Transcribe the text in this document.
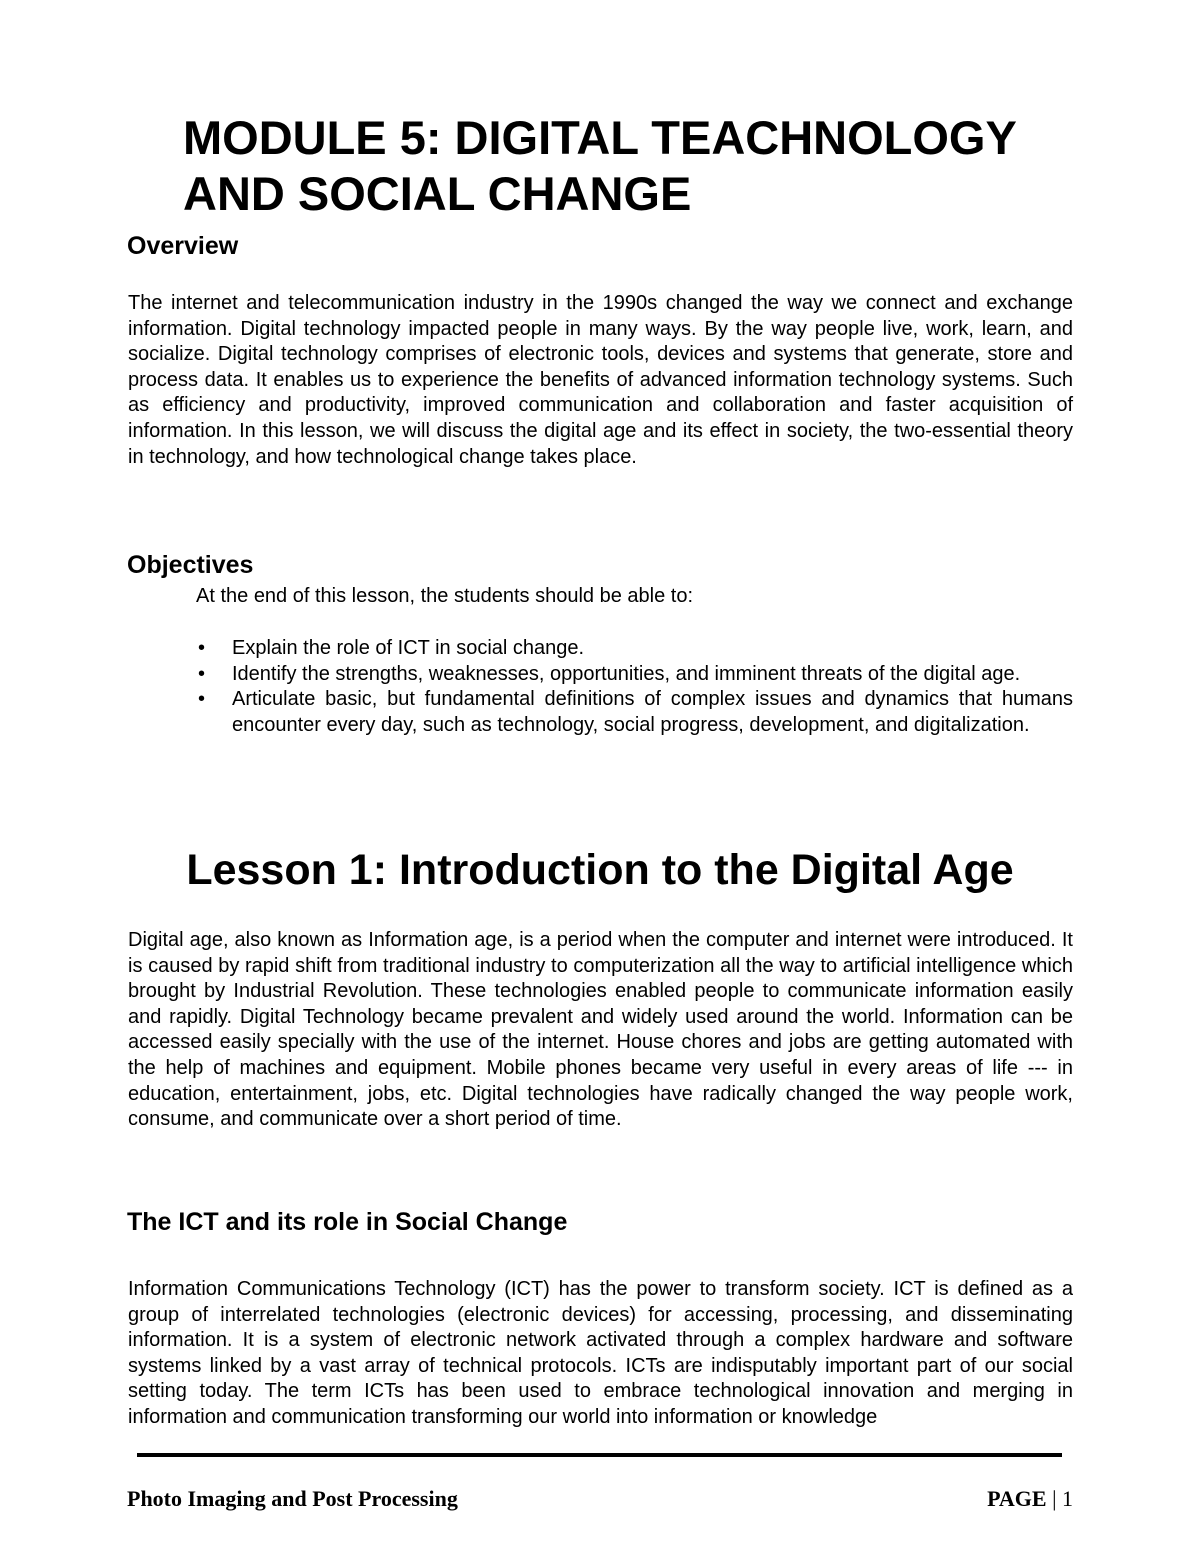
MODULE 5: DIGITAL TEACHNOLOGY
AND SOCIAL CHANGE
Overview

The internet and telecommunication industry in the 1990s changed the way we connect and exchange information. Digital technology impacted people in many ways. By the way people live, work, learn, and socialize. Digital technology comprises of electronic tools, devices and systems that generate, store and process data. It enables us to experience the benefits of advanced information technology systems. Such as efficiency and productivity, improved communication and collaboration and faster acquisition of information. In this lesson, we will discuss the digital age and its effect in society, the two-essential theory in technology, and how technological change takes place.

Objectives

At the end of this lesson, the students should be able to:

•	Explain the role of ICT in social change.
•	Identify the strengths, weaknesses, opportunities, and imminent threats of the digital age.
•	Articulate basic, but fundamental definitions of complex issues and dynamics that humans encounter every day, such as technology, social progress, development, and digitalization.
Lesson 1: Introduction to the Digital Age

Digital age, also known as Information age, is a period when the computer and internet were introduced. It is caused by rapid shift from traditional industry to computerization all the way to artificial intelligence which brought by Industrial Revolution. These technologies enabled people to communicate information easily and rapidly. Digital Technology became prevalent and widely used around the world. Information can be accessed easily specially with the use of the internet. House chores and jobs are getting automated with the help of machines and equipment. Mobile phones became very useful in every areas of life --- in education, entertainment, jobs, etc. Digital technologies have radically changed the way people work, consume, and communicate over a short period of time.

The ICT and its role in Social Change

Information Communications Technology (ICT) has the power to transform society. ICT is defined as a group of interrelated technologies (electronic devices) for accessing, processing, and disseminating information. It is a system of electronic network activated through a complex hardware and software systems linked by a vast array of technical protocols. ICTs are indisputably important part of our social setting today. The term ICTs has been used to embrace technological innovation and merging in information and communication transforming our world into information or knowledge

Photo Imaging and Post Processing	PAGE | 1
